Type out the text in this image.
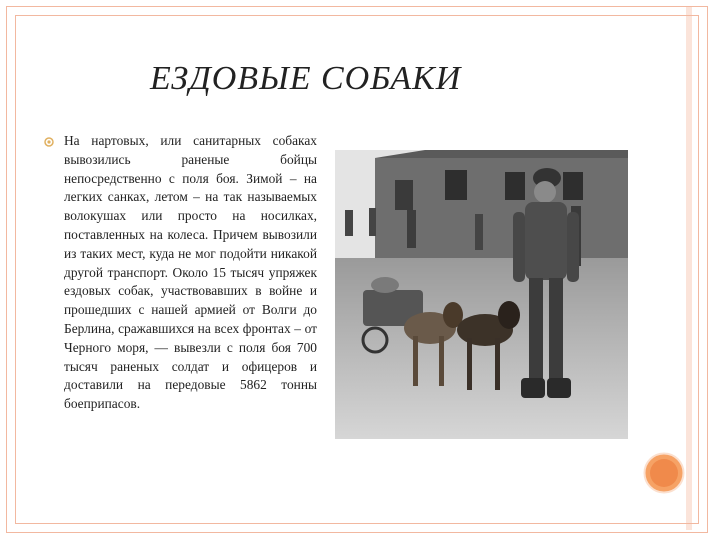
ЕЗДОВЫЕ СОБАКИ
На нартовых, или санитарных собаках вывозились раненые бойцы непосредственно с поля боя. Зимой – на легких санках, летом – на так называемых волокушах или просто на носилках, поставленных на колеса. Причем вывозили из таких мест, куда не мог подойти никакой другой транспорт. Около 15 тысяч упряжек ездовых собак, участвовавших в войне и прошедших с нашей армией от Волги до Берлина, сражавшихся на всех фронтах – от Черного моря, — вывезли с поля боя 700 тысяч раненых солдат и офицеров и доставили на передовые 5862 тонны боеприпасов.
